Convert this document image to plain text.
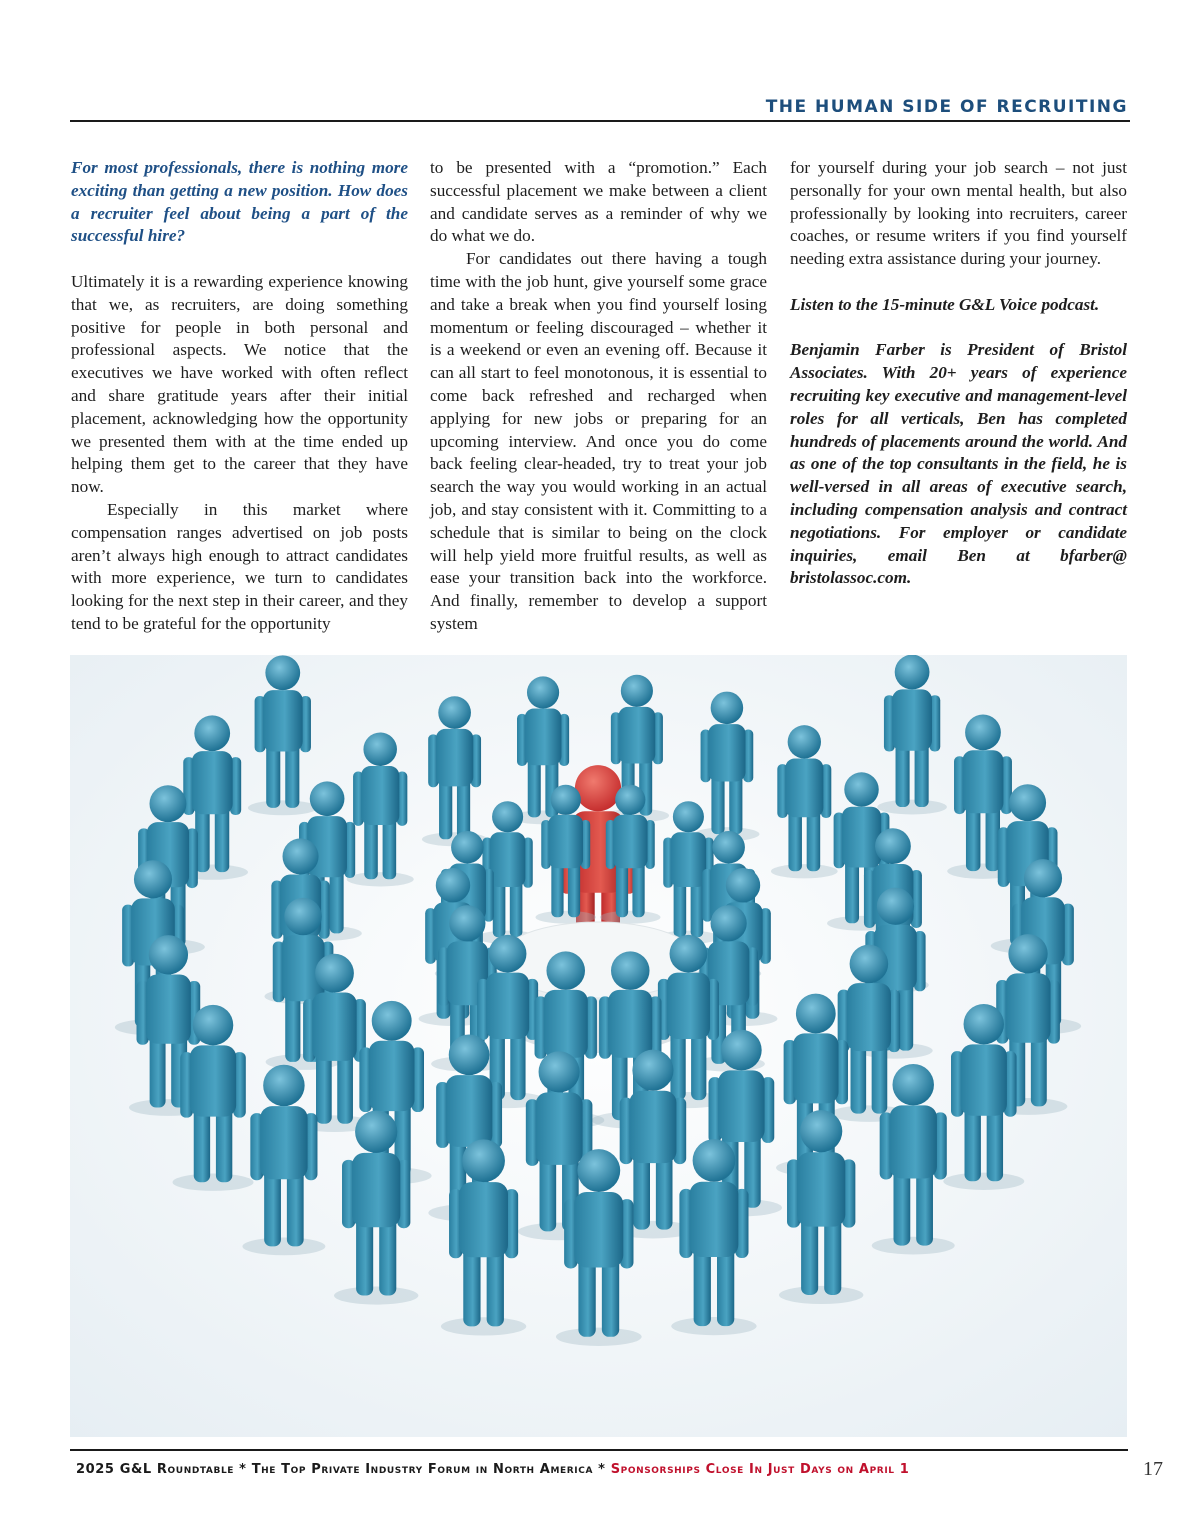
THE HUMAN SIDE OF RECRUITING

For most professionals, there is nothing more exciting than getting a new position. How does a recruiter feel about being a part of the successful hire?

Ultimately it is a rewarding experience knowing that we, as recruiters, are doing something positive for people in both personal and professional aspects. We notice that the executives we have worked with often reflect and share gratitude years after their initial placement, acknowledging how the opportunity we presented them with at the time ended up helping them get to the career that they have now.

Especially in this market where compensation ranges advertised on job posts aren’t always high enough to attract candidates with more experience, we turn to candidates looking for the next step in their career, and they tend to be grateful for the opportunity

to be presented with a “promotion.” Each successful placement we make between a client and candidate serves as a reminder of why we do what we do.

For candidates out there having a tough time with the job hunt, give yourself some grace and take a break when you find yourself losing momentum or feeling discouraged – whether it is a weekend or even an evening off. Because it can all start to feel monotonous, it is essential to come back refreshed and recharged when applying for new jobs or preparing for an upcoming interview. And once you do come back feeling clear-headed, try to treat your job search the way you would working in an actual job, and stay consistent with it. Committing to a schedule that is similar to being on the clock will help yield more fruitful results, as well as ease your transition back into the workforce. And finally, remember to develop a support system

for yourself during your job search – not just personally for your own mental health, but also professionally by looking into recruiters, career coaches, or resume writers if you find yourself needing extra assistance during your journey.

Listen to the 15-minute G&L Voice podcast.

Benjamin Farber is President of Bristol Associates. With 20+ years of experience recruiting key executive and management-level roles for all verticals, Ben has completed hundreds of placements around the world. And as one of the top consultants in the field, he is well-versed in all areas of executive search, including compensation analysis and contract negotiations. For employer or candidate inquiries, email Ben at bfarber@ bristolassoc.com.

2025 G&L Roundtable * The Top Private Industry Forum in North America * Sponsorships Close In Just Days on April 1	17
